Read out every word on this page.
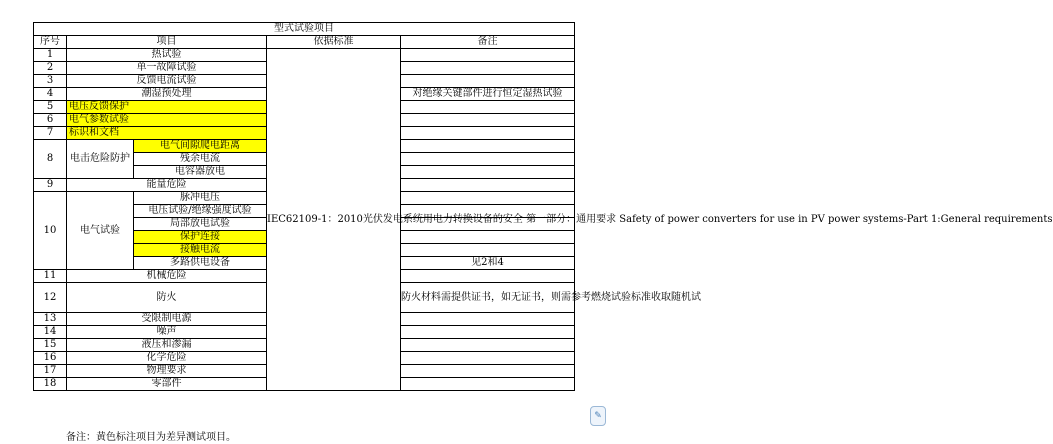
型式试验项目				
序号	项目		依据标准	备注
1	热试验		IEC62109-1：2010光伏发电系统用电力转换设备的安全 第一部分：通用要求 Safety of power converters for use in PV power systems-Part 1:General requirements	

2	单一故障试验			
3	反馈电流试验			
4	潮湿预处理			对绝缘关键部件进行恒定湿热试验
5	电压反馈保护			
6	电气参数试验			
7	标识和文档			
8	电击危险防护	电气间隙爬电距离		
		残余电流		
		电容器放电		
9	能量危险			
10	电气试验	脉冲电压		
		电压试验/绝缘强度试验		
		局部放电试验		
		保护连接		
		接触电流		
		多路供电设备		见2和4
11	机械危险			
12	防火			防火材料需提供证书，如无证书，则需参考燃烧试验标准收取随机试
13	受限制电源			
14	噪声			
15	液压和渗漏			
16	化学危险			
17	物理要求			
18	零部件			
备注：黄色标注项目为差异测试项目。
✎
